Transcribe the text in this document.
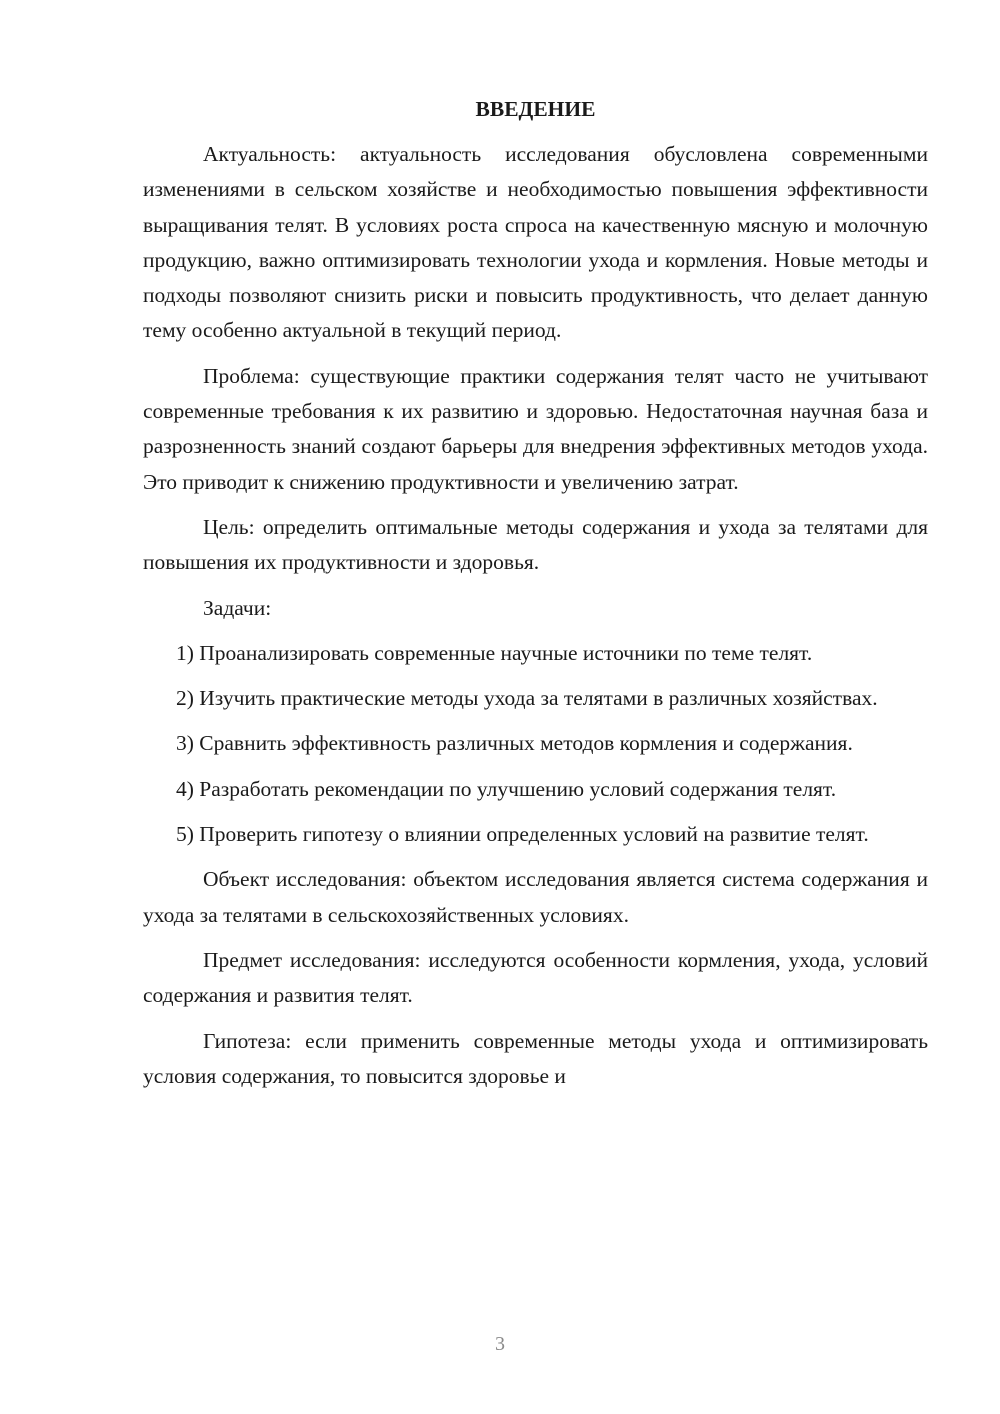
ВВЕДЕНИЕ

Актуальность: актуальность исследования обусловлена современными изменениями в сельском хозяйстве и необходимостью повышения эффективности выращивания телят. В условиях роста спроса на качественную мясную и молочную продукцию, важно оптимизировать технологии ухода и кормления. Новые методы и подходы позволяют снизить риски и повысить продуктивность, что делает данную тему особенно актуальной в текущий период.

Проблема: существующие практики содержания телят часто не учитывают современные требования к их развитию и здоровью. Недостаточная научная база и разрозненность знаний создают барьеры для внедрения эффективных методов ухода. Это приводит к снижению продуктивности и увеличению затрат.

Цель: определить оптимальные методы содержания и ухода за телятами для повышения их продуктивности и здоровья.

Задачи:

1) Проанализировать современные научные источники по теме телят.

2) Изучить практические методы ухода за телятами в различных хозяйствах.

3) Сравнить эффективность различных методов кормления и содержания.

4) Разработать рекомендации по улучшению условий содержания телят.

5) Проверить гипотезу о влиянии определенных условий на развитие телят.

Объект исследования: объектом исследования является система содержания и ухода за телятами в сельскохозяйственных условиях.

Предмет исследования: исследуются особенности кормления, ухода, условий содержания и развития телят.

Гипотеза: если применить современные методы ухода и оптимизировать условия содержания, то повысится здоровье и

3
